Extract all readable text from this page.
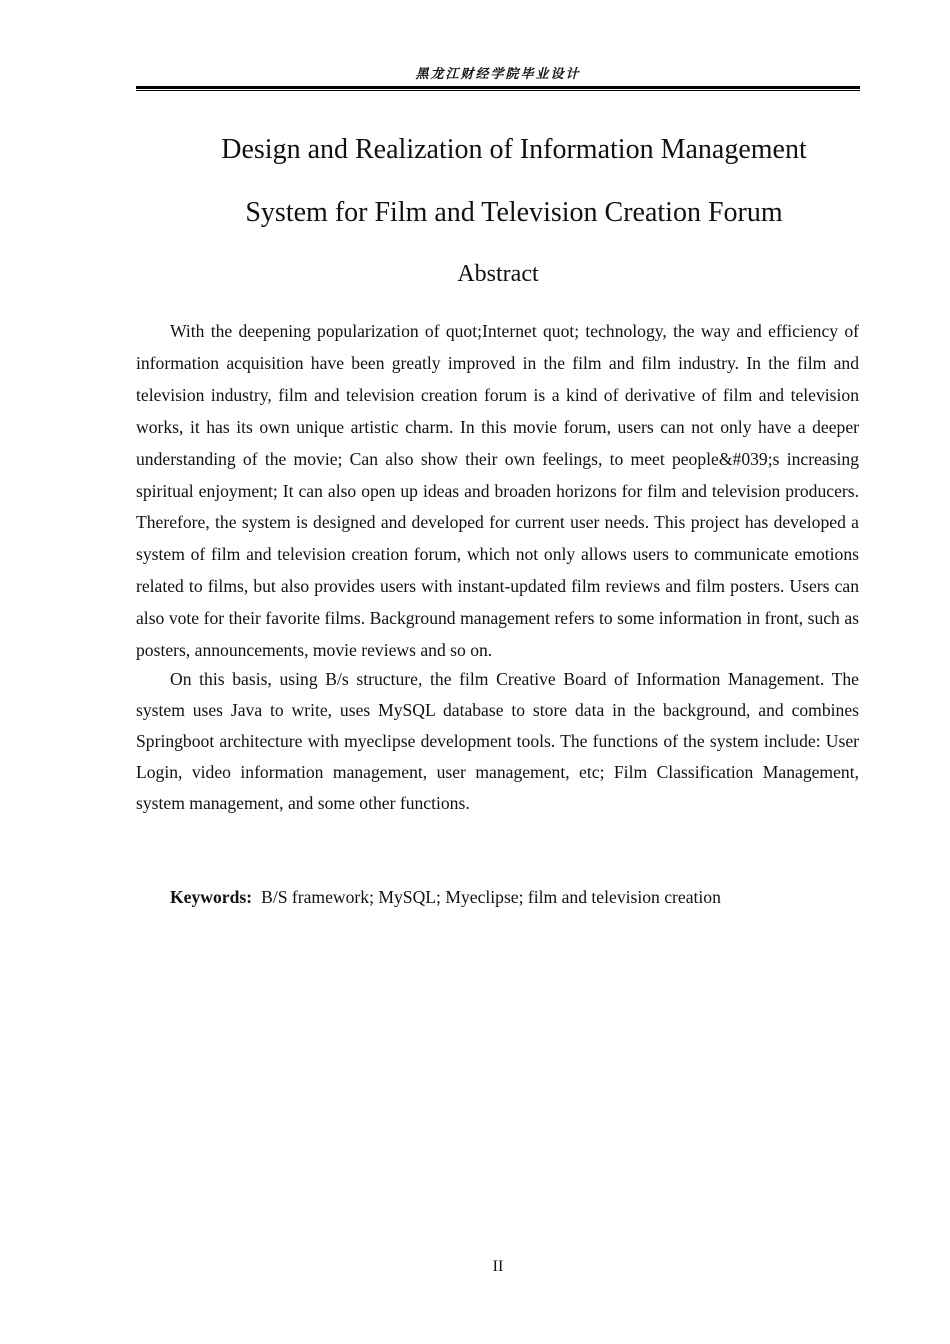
黑龙江财经学院毕业设计
Design and Realization of Information Management
System for Film and Television Creation Forum
Abstract

With the deepening popularization of quot;Internet quot; technology, the way and efficiency of information acquisition have been greatly improved in the film and film industry. In the film and television industry, film and television creation forum is a kind of derivative of film and television works, it has its own unique artistic charm. In this movie forum, users can not only have a deeper understanding of the movie; Can also show their own feelings, to meet people&#039;s increasing spiritual enjoyment; It can also open up ideas and broaden horizons for film and television producers. Therefore, the system is designed and developed for current user needs. This project has developed a system of film and television creation forum, which not only allows users to communicate emotions related to films, but also provides users with instant-updated film reviews and film posters. Users can also vote for their favorite films. Background management refers to some information in front, such as posters, announcements, movie reviews and so on.

On this basis, using B/s structure, the film Creative Board of Information Management. The system uses Java to write, uses MySQL database to store data in the background, and combines Springboot architecture with myeclipse development tools. The functions of the system include: User Login, video information management, user management, etc; Film Classification Management, system management, and some other functions.

Keywords: B/S framework; MySQL; Myeclipse; film and television creation
II
